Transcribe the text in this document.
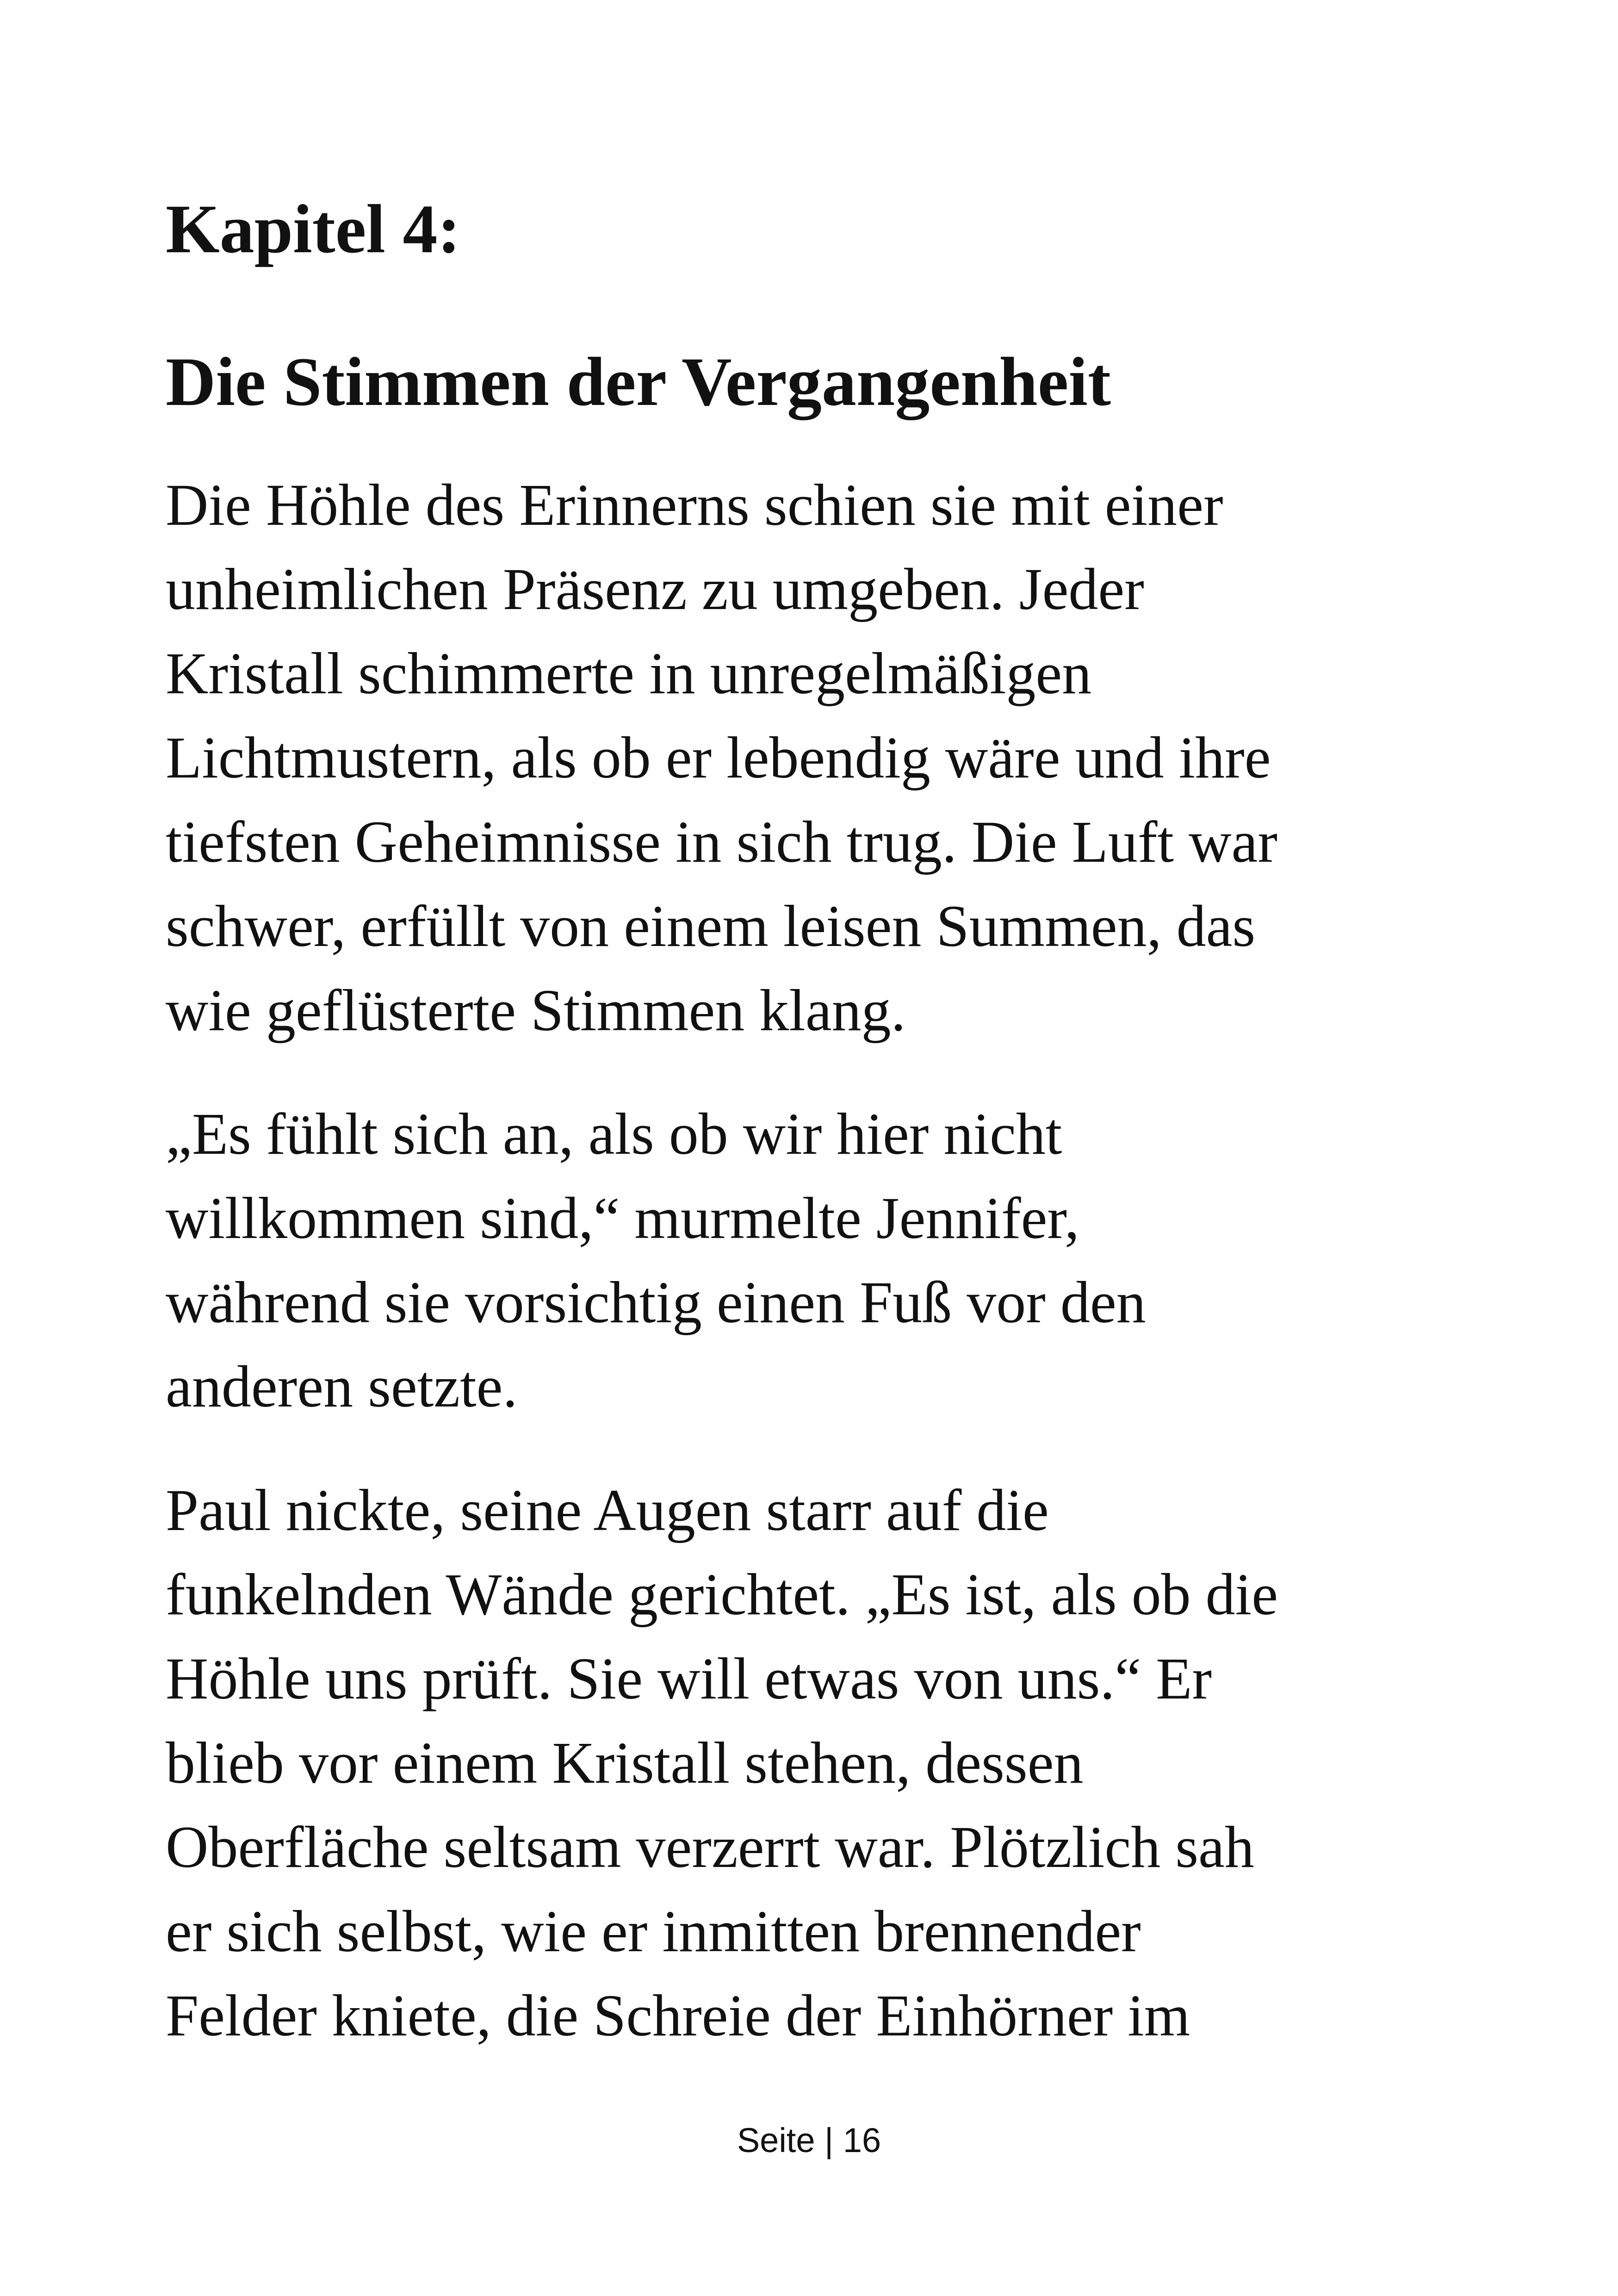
Kapitel 4:
Die Stimmen der Vergangenheit
Die Höhle des Erinnerns schien sie mit einer
unheimlichen Präsenz zu umgeben. Jeder
Kristall schimmerte in unregelmäßigen
Lichtmustern, als ob er lebendig wäre und ihre
tiefsten Geheimnisse in sich trug. Die Luft war
schwer, erfüllt von einem leisen Summen, das
wie geflüsterte Stimmen klang.
„Es fühlt sich an, als ob wir hier nicht
willkommen sind,“ murmelte Jennifer,
während sie vorsichtig einen Fuß vor den
anderen setzte.
Paul nickte, seine Augen starr auf die
funkelnden Wände gerichtet. „Es ist, als ob die
Höhle uns prüft. Sie will etwas von uns.“ Er
blieb vor einem Kristall stehen, dessen
Oberfläche seltsam verzerrt war. Plötzlich sah
er sich selbst, wie er inmitten brennender
Felder kniete, die Schreie der Einhörner im
Seite | 16
